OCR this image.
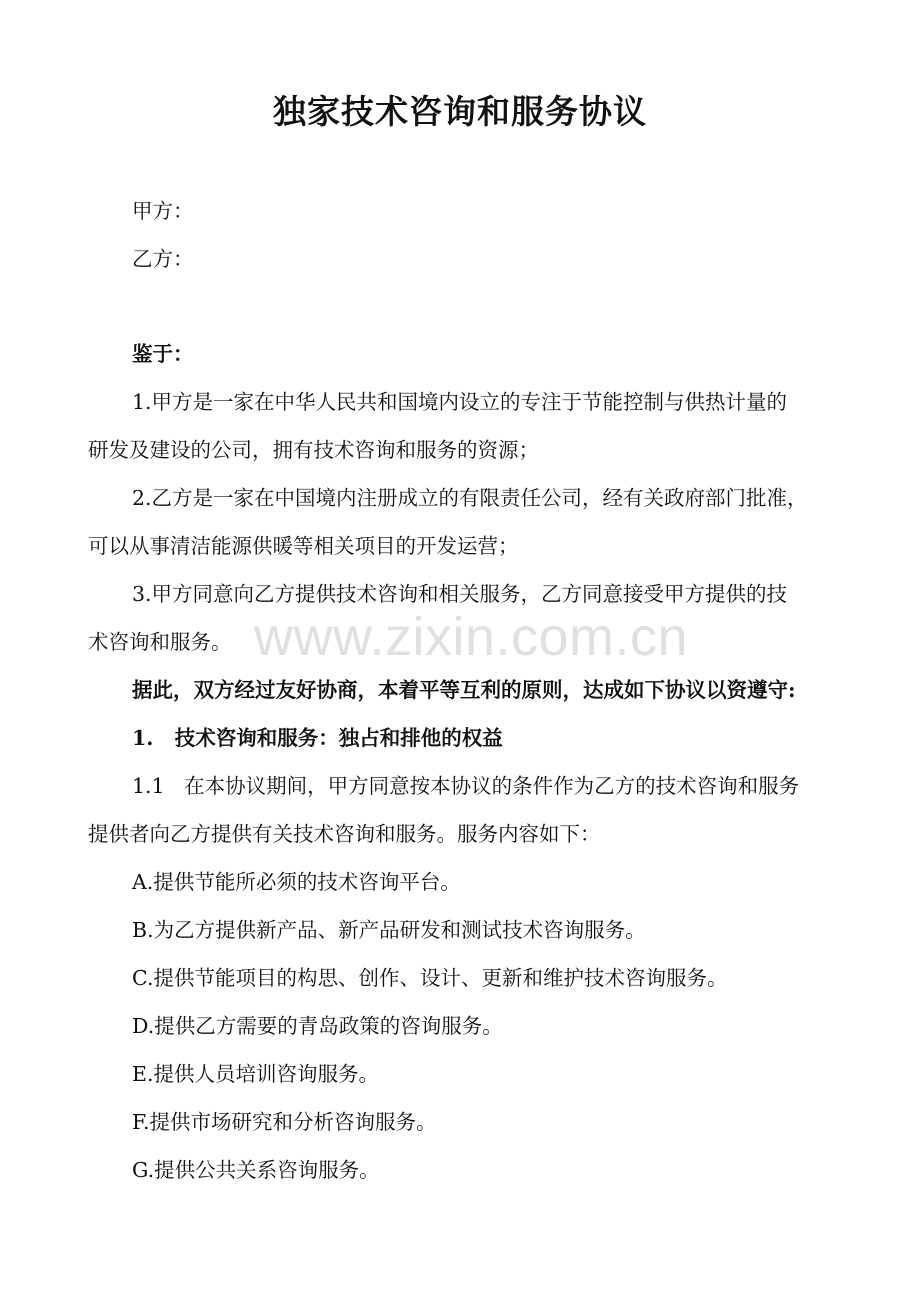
独家技术咨询和服务协议
甲方：
乙方：
鉴于：
1.甲方是一家在中华人民共和国境内设立的专注于节能控制与供热计量的
研发及建设的公司，拥有技术咨询和服务的资源；
2.乙方是一家在中国境内注册成立的有限责任公司，经有关政府部门批准，
可以从事清洁能源供暖等相关项目的开发运营；
3.甲方同意向乙方提供技术咨询和相关服务，乙方同意接受甲方提供的技
术咨询和服务。
据此，双方经过友好协商，本着平等互利的原则，达成如下协议以资遵守:
1.   技术咨询和服务：独占和排他的权益
1.1   在本协议期间，甲方同意按本协议的条件作为乙方的技术咨询和服务
提供者向乙方提供有关技术咨询和服务。服务内容如下：
A.提供节能所必须的技术咨询平台。
B.为乙方提供新产品、新产品研发和测试技术咨询服务。
C.提供节能项目的构思、创作、设计、更新和维护技术咨询服务。
D.提供乙方需要的青岛政策的咨询服务。
E.提供人员培训咨询服务。
F.提供市场研究和分析咨询服务。
G.提供公共关系咨询服务。
www.zixin.com.cn
